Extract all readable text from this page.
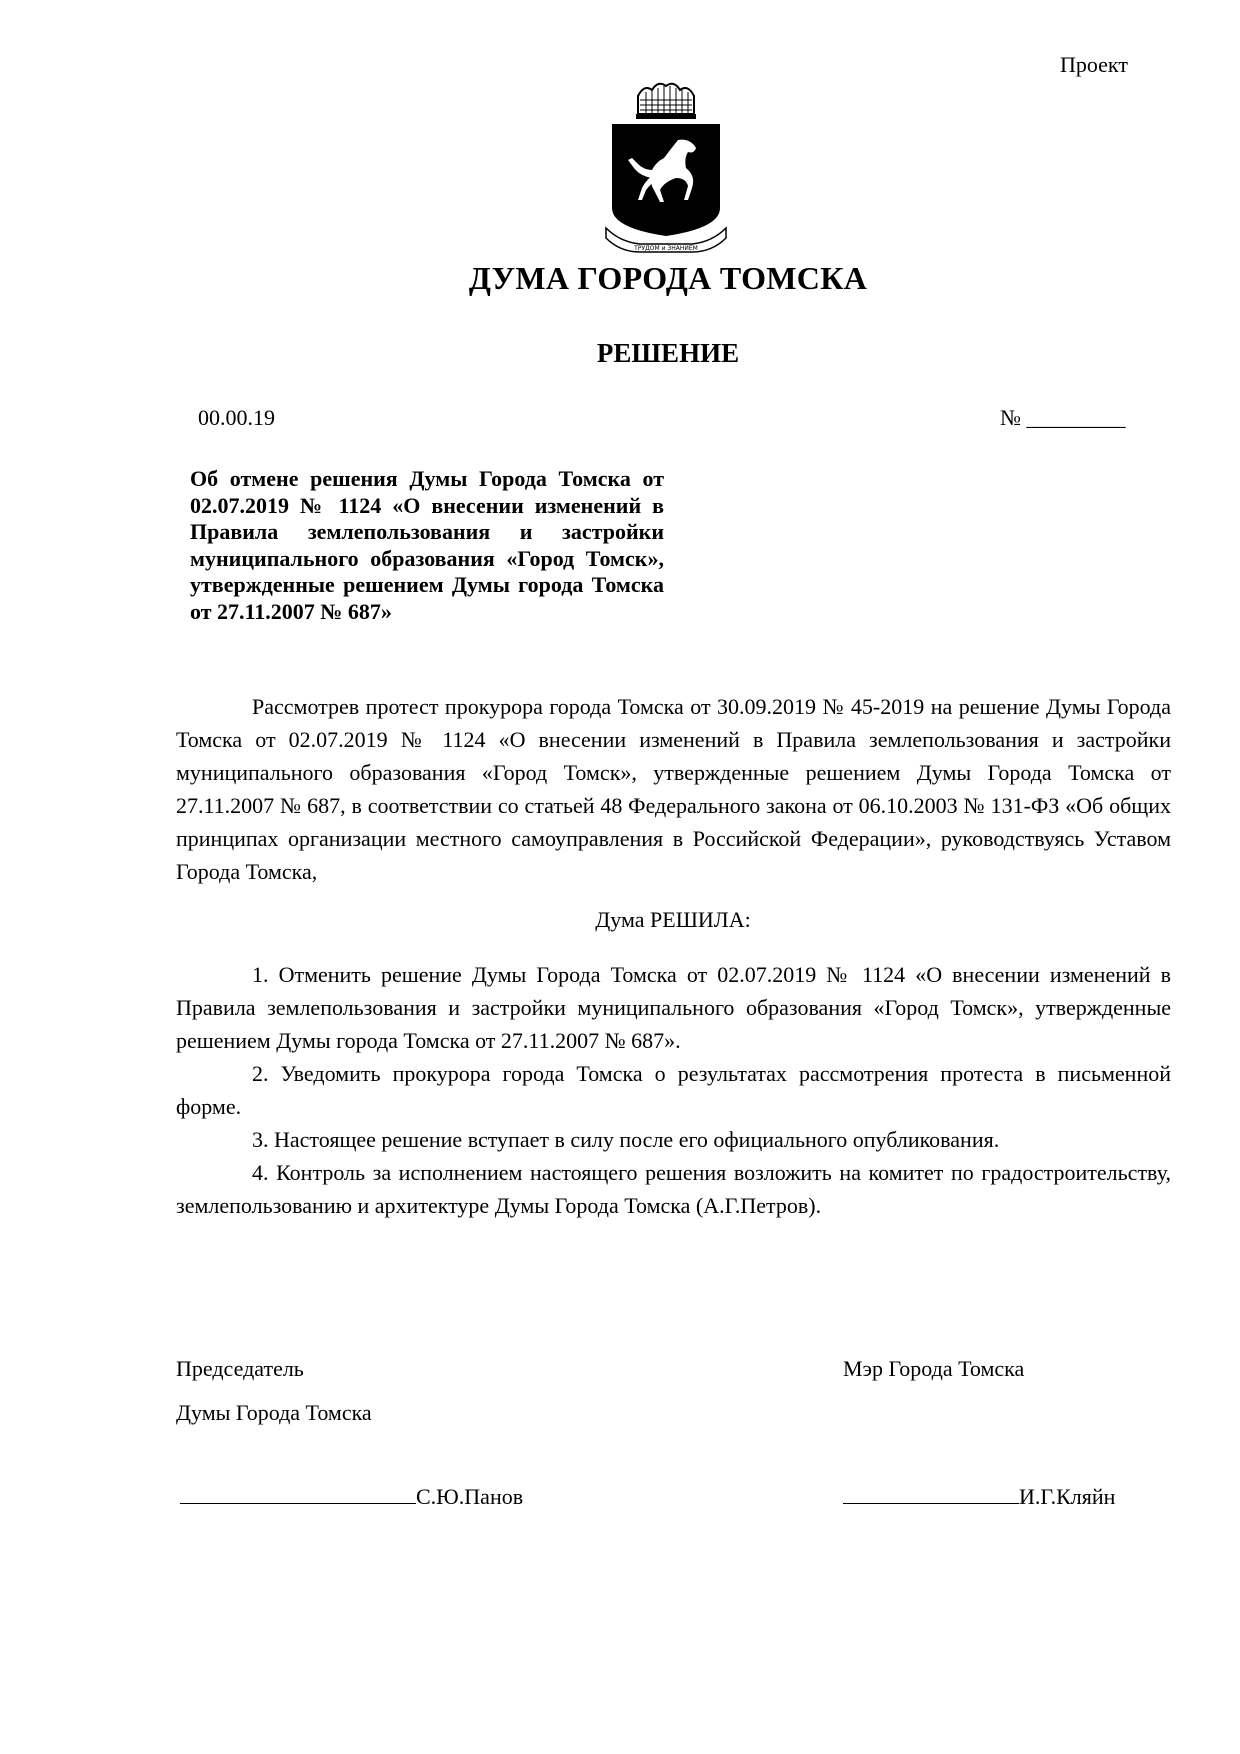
Проект
ТРУДОМ и ЗНАНИЕМ
ДУМА ГОРОДА ТОМСКА
РЕШЕНИЕ
00.00.19	№ _________
Об отмене решения Думы Города Томска от 02.07.2019 № 1124 «О внесении изменений в Правила землепользования и застройки муниципального образования «Город Томск», утвержденные решением Думы города Томска от 27.11.2007 № 687»
Рассмотрев протест прокурора города Томска от 30.09.2019 № 45-2019 на решение Думы Города Томска от 02.07.2019 № 1124 «О внесении изменений в Правила землепользования и застройки муниципального образования «Город Томск», утвержденные решением Думы Города Томска от 27.11.2007 № 687, в соответствии со статьей 48 Федерального закона от 06.10.2003 № 131-ФЗ «Об общих принципах организации местного самоуправления в Российской Федерации», руководствуясь Уставом Города Томска,
Дума РЕШИЛА:
1. Отменить решение Думы Города Томска от 02.07.2019 № 1124 «О внесении изменений в Правила землепользования и застройки муниципального образования «Город Томск», утвержденные решением Думы города Томска от 27.11.2007 № 687».
2. Уведомить прокурора города Томска о результатах рассмотрения протеста в письменной форме.
3. Настоящее решение вступает в силу после его официального опубликования.
4. Контроль за исполнением настоящего решения возложить на комитет по градостроительству, землепользованию и архитектуре Думы Города Томска (А.Г.Петров).
Председатель
Думы Города Томска
Мэр Города Томска
С.Ю.Панов	И.Г.Кляйн
